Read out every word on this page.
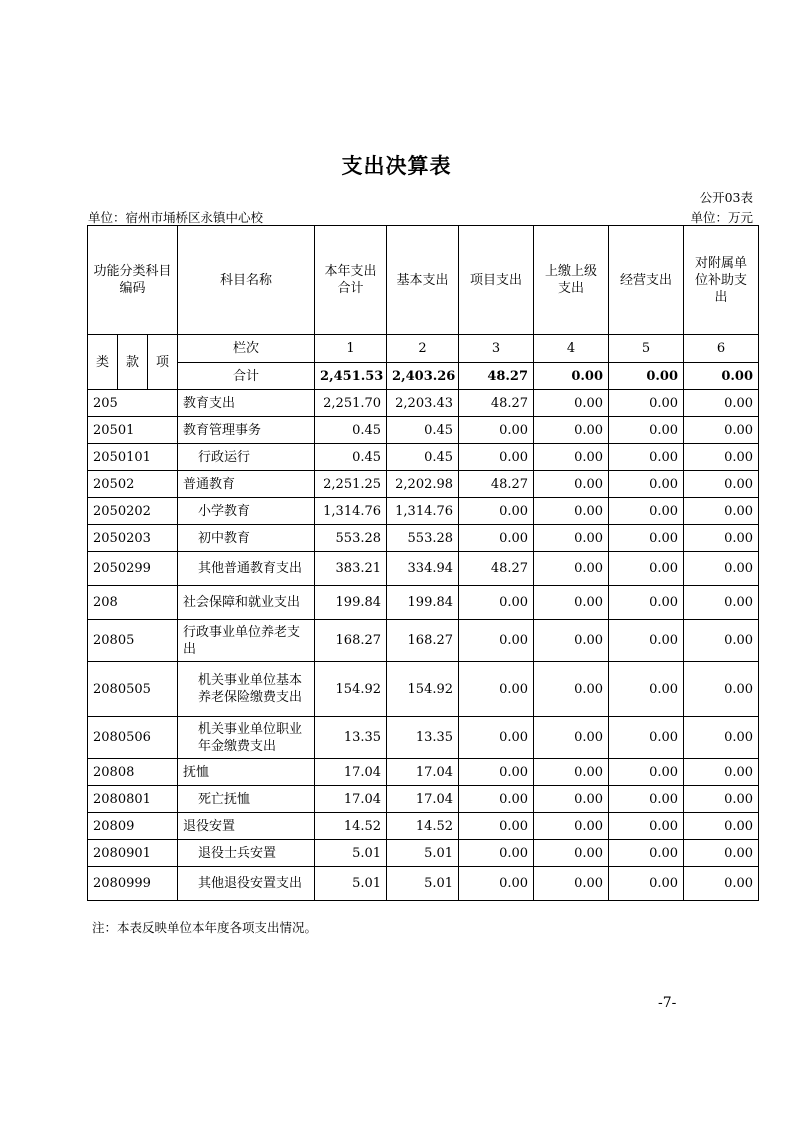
支出决算表
公开03表
单位：宿州市埇桥区永镇中心校	单位：万元
功能分类科目编码			科目名称	本年支出合计	基本支出	项目支出	上缴上级支出	经营支出	对附属单位补助支出
类	款	项	栏次	1	2	3	4	5	6
			合计	2,451.53	2,403.26	48.27	0.00	0.00	0.00
205			教育支出	2,251.70	2,203.43	48.27	0.00	0.00	0.00
20501			教育管理事务	0.45	0.45	0.00	0.00	0.00	0.00
2050101			行政运行	0.45	0.45	0.00	0.00	0.00	0.00
20502			普通教育	2,251.25	2,202.98	48.27	0.00	0.00	0.00
2050202			小学教育	1,314.76	1,314.76	0.00	0.00	0.00	0.00
2050203			初中教育	553.28	553.28	0.00	0.00	0.00	0.00
2050299			其他普通教育支出	383.21	334.94	48.27	0.00	0.00	0.00
208			社会保障和就业支出	199.84	199.84	0.00	0.00	0.00	0.00
20805			行政事业单位养老支出	168.27	168.27	0.00	0.00	0.00	0.00
2080505			机关事业单位基本养老保险缴费支出	154.92	154.92	0.00	0.00	0.00	0.00
2080506			机关事业单位职业年金缴费支出	13.35	13.35	0.00	0.00	0.00	0.00
20808			抚恤	17.04	17.04	0.00	0.00	0.00	0.00
2080801			死亡抚恤	17.04	17.04	0.00	0.00	0.00	0.00
20809			退役安置	14.52	14.52	0.00	0.00	0.00	0.00
2080901			退役士兵安置	5.01	5.01	0.00	0.00	0.00	0.00
2080999			其他退役安置支出	5.01	5.01	0.00	0.00	0.00	0.00
注：本表反映单位本年度各项支出情况。
-7-
